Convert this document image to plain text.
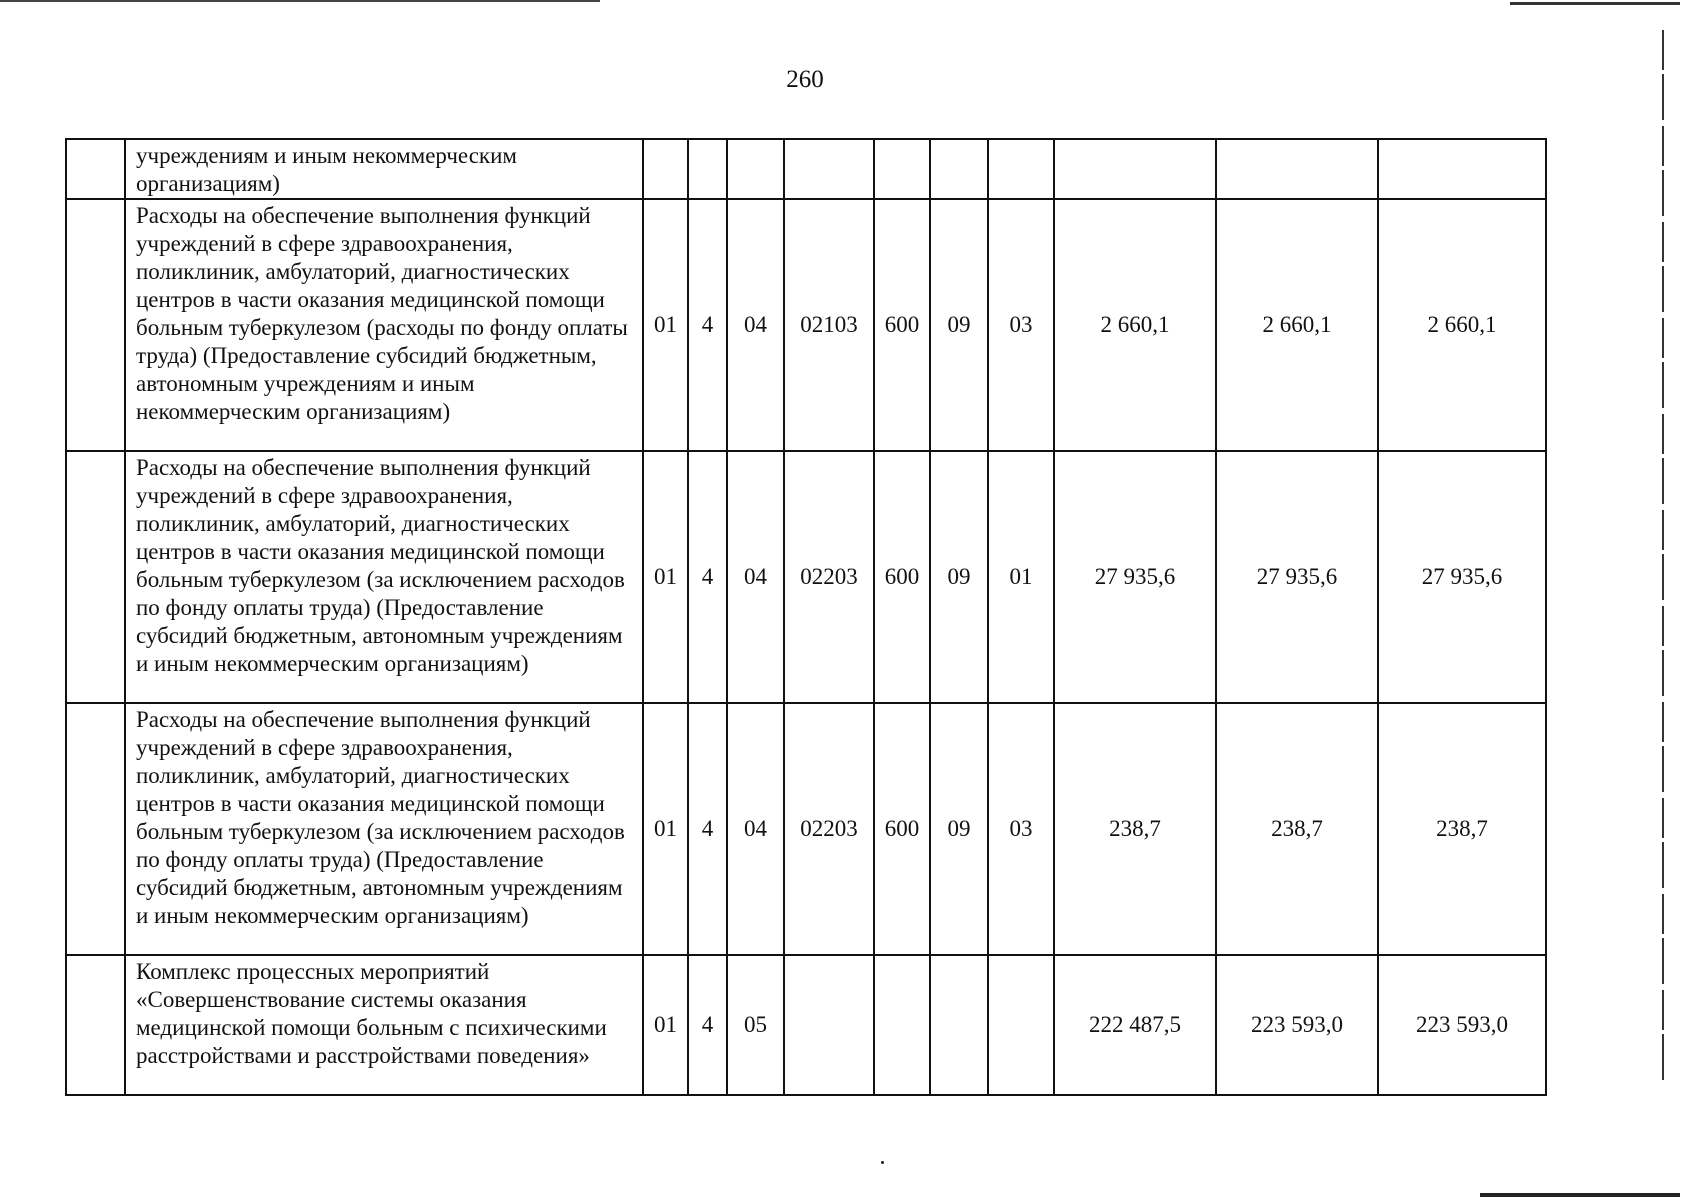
260
	учреждениям и иным некоммерческим организациям)										
	Расходы на обеспечение выполнения функций учреждений в сфере здравоохранения, поликлиник, амбулаторий, диагностических центров в части оказания медицинской помощи больным туберкулезом (расходы по фонду оплаты труда) (Предоставление субсидий бюджетным, автономным учреждениям и иным некоммерческим организациям)	01	4	04	02103	600	09	03	2 660,1	2 660,1	2 660,1
	Расходы на обеспечение выполнения функций учреждений в сфере здравоохранения, поликлиник, амбулаторий, диагностических центров в части оказания медицинской помощи больным туберкулезом (за исключением расходов по фонду оплаты труда) (Предоставление субсидий бюджетным, автономным учреждениям и иным некоммерческим организациям)	01	4	04	02203	600	09	01	27 935,6	27 935,6	27 935,6
	Расходы на обеспечение выполнения функций учреждений в сфере здравоохранения, поликлиник, амбулаторий, диагностических центров в части оказания медицинской помощи больным туберкулезом (за исключением расходов по фонду оплаты труда) (Предоставление субсидий бюджетным, автономным учреждениям и иным некоммерческим организациям)	01	4	04	02203	600	09	03	238,7	238,7	238,7
	Комплекс процессных мероприятий «Совершенствование системы оказания медицинской помощи больным с психическими расстройствами и расстройствами поведения»	01	4	05					222 487,5	223 593,0	223 593,0
